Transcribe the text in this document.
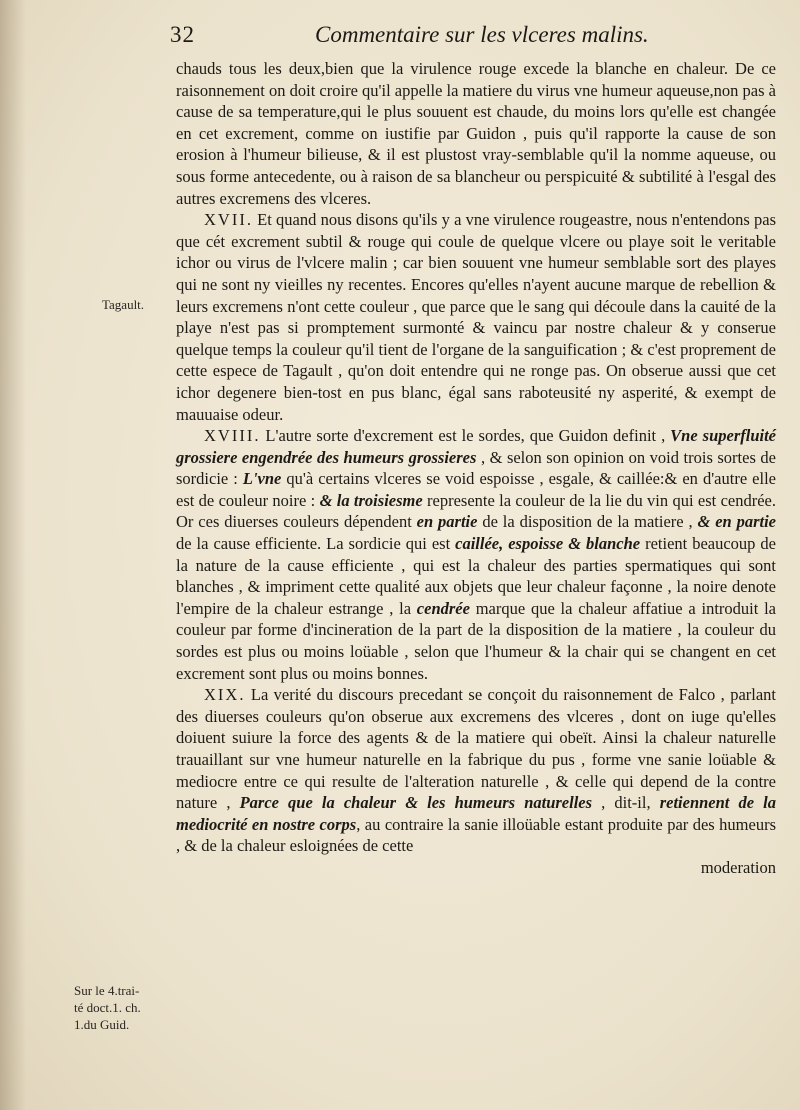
32	Commentaire sur les vlceres malins.
Tagault.
Sur le 4.trai-
té doct.1. ch.
1.du Guid.

chauds tous les deux,bien que la virulence rouge excede la blanche en chaleur. De ce raisonnement on doit croire qu'il appelle la matiere du virus vne humeur aqueuse,non pas à cause de sa temperature,qui le plus souuent est chaude, du moins lors qu'elle est changée en cet excrement, comme on iustifie par Guidon , puis qu'il rapporte la cause de son erosion à l'humeur bilieuse, & il est plustost vray-semblable qu'il la nomme aqueuse, ou sous forme antecedente, ou à raison de sa blancheur ou perspicuité & subtilité à l'esgal des autres excremens des vlceres.

XVII. Et quand nous disons qu'ils y a vne virulence rougeastre, nous n'entendons pas que cét excrement subtil & rouge qui coule de quelque vlcere ou playe soit le veritable ichor ou virus de l'vlcere malin ; car bien souuent vne humeur semblable sort des playes qui ne sont ny vieilles ny recentes. Encores qu'elles n'ayent aucune marque de rebellion & leurs excremens n'ont cette couleur , que parce que le sang qui découle dans la cauité de la playe n'est pas si promptement surmonté & vaincu par nostre chaleur & y conserue quelque temps la couleur qu'il tient de l'organe de la sanguification ; & c'est proprement de cette espece de Tagault , qu'on doit entendre qui ne ronge pas. On obserue aussi que cet ichor degenere bien-tost en pus blanc, égal sans raboteusité ny asperité, & exempt de mauuaise odeur.

XVIII. L'autre sorte d'excrement est le sordes, que Guidon definit , Vne superfluité grossiere engendrée des humeurs grossieres , & selon son opinion on void trois sortes de sordicie : L'vne qu'à certains vlceres se void espoisse , esgale, & caillée:& en d'autre elle est de couleur noire : & la troisiesme represente la couleur de la lie du vin qui est cendrée. Or ces diuerses couleurs dépendent en partie de la disposition de la matiere , & en partie de la cause efficiente. La sordicie qui est caillée, espoisse & blanche retient beaucoup de la nature de la cause efficiente , qui est la chaleur des parties spermatiques qui sont blanches , & impriment cette qualité aux objets que leur chaleur façonne , la noire denote l'empire de la chaleur estrange , la cendrée marque que la chaleur affatiue a introduit la couleur par forme d'incineration de la part de la disposition de la matiere , la couleur du sordes est plus ou moins loüable , selon que l'humeur & la chair qui se changent en cet excrement sont plus ou moins bonnes.

XIX. La verité du discours precedant se conçoit du raisonnement de Falco , parlant des diuerses couleurs qu'on obserue aux excremens des vlceres , dont on iuge qu'elles doiuent suiure la force des agents & de la matiere qui obeït. Ainsi la chaleur naturelle trauaillant sur vne humeur naturelle en la fabrique du pus , forme vne sanie loüable & mediocre entre ce qui resulte de l'alteration naturelle , & celle qui depend de la contre nature , Parce que la chaleur & les humeurs naturelles , dit-il, retiennent de la mediocrité en nostre corps, au contraire la sanie illoüable estant produite par des humeurs , & de la chaleur esloignées de cette

moderation
